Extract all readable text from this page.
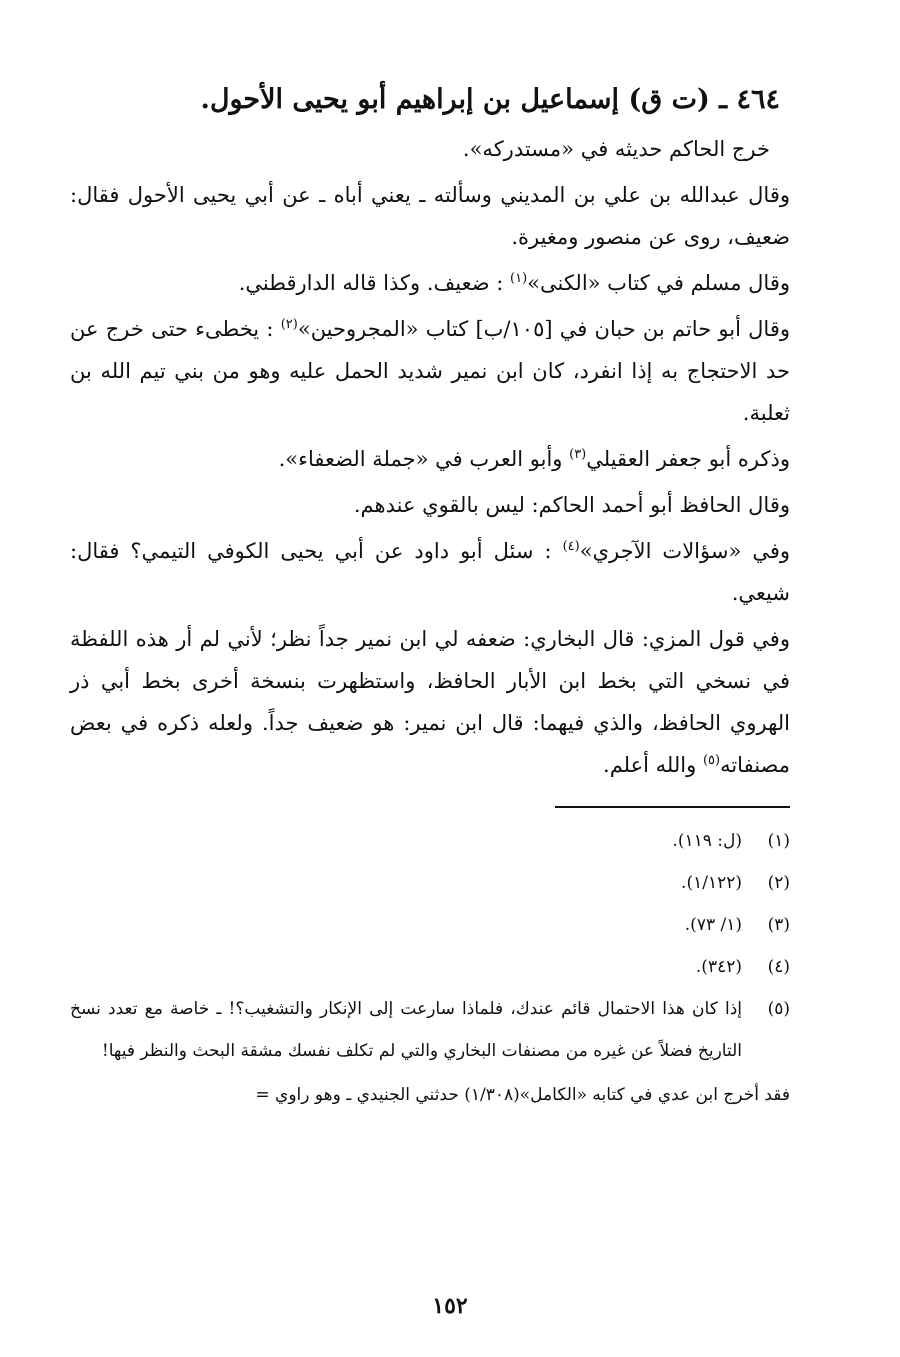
٤٦٤ ـ (ت ق) إسماعيل بن إبراهيم أبو يحيى الأحول.

خرج الحاكم حديثه في «مستدركه».

وقال عبدالله بن علي بن المديني وسألته ـ يعني أباه ـ عن أبي يحيى الأحول فقال: ضعيف، روى عن منصور ومغيرة.

وقال مسلم في كتاب «الكنى»$^{(١)}$ : ضعيف. وكذا قاله الدارقطني.

وقال أبو حاتم بن حبان في [١٠٥/ب] كتاب «المجروحين»$^{(٢)}$ : يخطىء حتى خرج عن حد الاحتجاج به إذا انفرد، كان ابن نمير شديد الحمل عليه وهو من بني تيم الله بن ثعلبة.

وذكره أبو جعفر العقيلي$^{(٣)}$ وأبو العرب في «جملة الضعفاء».

وقال الحافظ أبو أحمد الحاكم: ليس بالقوي عندهم.

وفي «سؤالات الآجري»$^{(٤)}$ : سئل أبو داود عن أبي يحيى الكوفي التيمي؟ فقال: شيعي.

وفي قول المزي: قال البخاري: ضعفه لي ابن نمير جداً نظر؛ لأني لم أر هذه اللفظة في نسخي التي بخط ابن الأبار الحافظ، واستظهرت بنسخة أخرى بخط أبي ذر الهروي الحافظ، والذي فيهما: قال ابن نمير: هو ضعيف جداً. ولعله ذكره في بعض مصنفاته$^{(٥)}$ والله أعلم.

(١)
(ل: ١١٩).
(٢)
(١/١٢٢).
(٣)
(١/ ٧٣).
(٤)
(٣٤٢).
(٥)
إذا كان هذا الاحتمال قائم عندك، فلماذا سارعت إلى الإنكار والتشغيب؟! ـ خاصة مع تعدد نسخ التاريخ فضلاً عن غيره من مصنفات البخاري والتي لم تكلف نفسك مشقة البحث والنظر فيها!
فقد أخرج ابن عدي في كتابه «الكامل»(١/٣٠٨) حدثني الجنيدي ـ وهو راوي =
١٥٢
